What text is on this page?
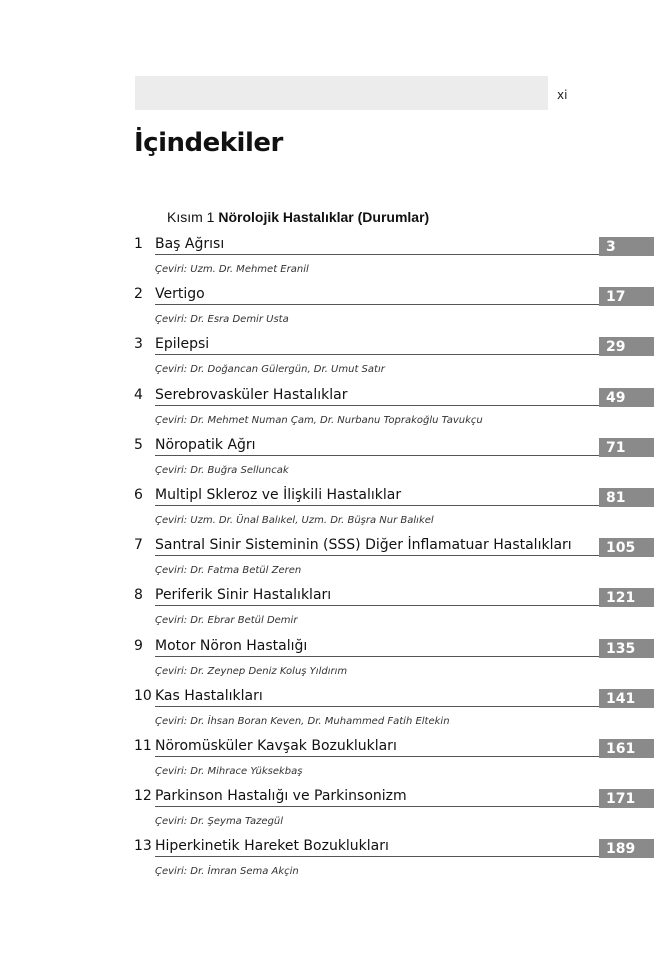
xi
İçindekiler
Kısım 1 Nörolojik Hastalıklar (Durumlar)
1 Baş Ağrısı	3
Çeviri: Uzm. Dr. Mehmet Eranil
2 Vertigo	17
Çeviri: Dr. Esra Demir Usta
3 Epilepsi	29
Çeviri: Dr. Doğancan Gülergün, Dr. Umut Satır
4 Serebrovasküler Hastalıklar	49
Çeviri: Dr. Mehmet Numan Çam, Dr. Nurbanu Toprakoğlu Tavukçu
5 Nöropatik Ağrı	71
Çeviri: Dr. Buğra Selluncak
6 Multipl Skleroz ve İlişkili Hastalıklar	81
Çeviri: Uzm. Dr. Ünal Balıkel, Uzm. Dr. Büşra Nur Balıkel
7 Santral Sinir Sisteminin (SSS) Diğer İnflamatuar Hastalıkları	105
Çeviri: Dr. Fatma Betül Zeren
8 Periferik Sinir Hastalıkları	121
Çeviri: Dr. Ebrar Betül Demir
9 Motor Nöron Hastalığı	135
Çeviri: Dr. Zeynep Deniz Koluş Yıldırım
10 Kas Hastalıkları	141
Çeviri: Dr. İhsan Boran Keven, Dr. Muhammed Fatih Eltekin
11 Nöromüsküler Kavşak Bozuklukları	161
Çeviri: Dr. Mihrace Yüksekbaş
12 Parkinson Hastalığı ve Parkinsonizm	171
Çeviri: Dr. Şeyma Tazegül
13 Hiperkinetik Hareket Bozuklukları	189
Çeviri: Dr. İmran Sema Akçin
